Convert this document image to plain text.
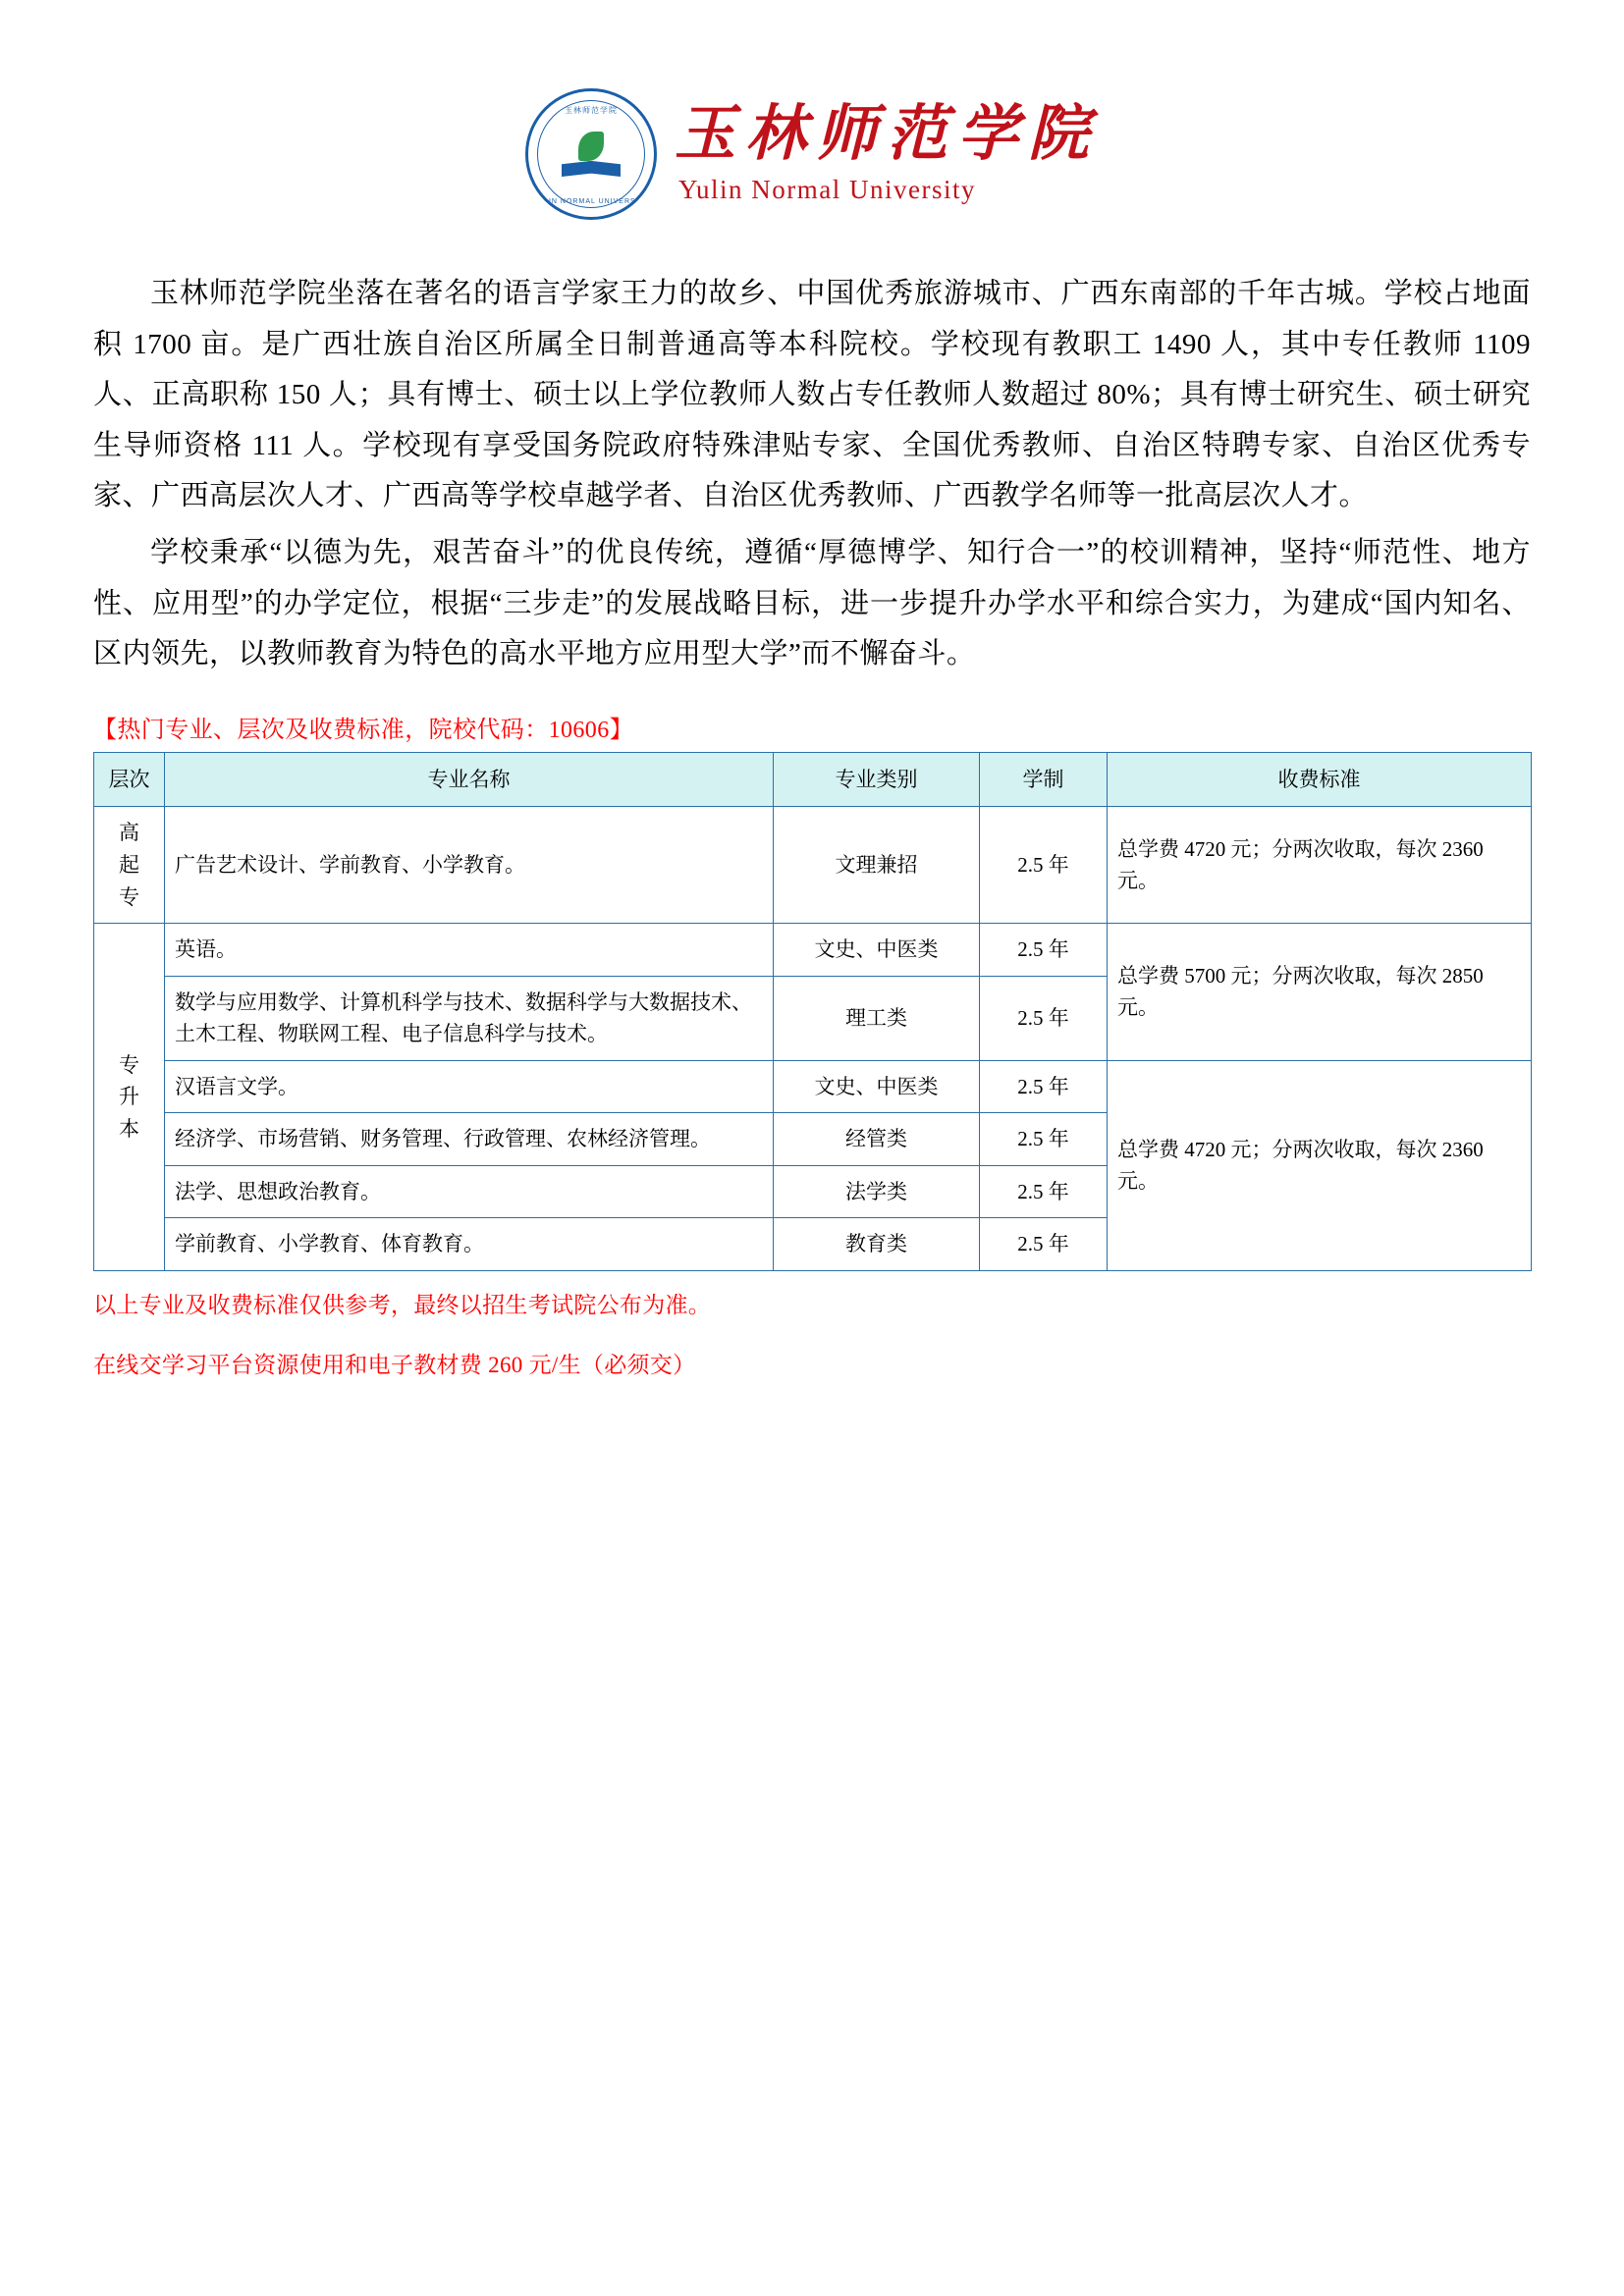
玉林师范学院
YULIN NORMAL UNIVERSITY
玉林师范学院
Yulin Normal University

玉林师范学院坐落在著名的语言学家王力的故乡、中国优秀旅游城市、广西东南部的千年古城。学校占地面积 1700 亩。是广西壮族自治区所属全日制普通高等本科院校。学校现有教职工 1490 人，其中专任教师 1109 人、正高职称 150 人；具有博士、硕士以上学位教师人数占专任教师人数超过 80%；具有博士研究生、硕士研究生导师资格 111 人。学校现有享受国务院政府特殊津贴专家、全国优秀教师、自治区特聘专家、自治区优秀专家、广西高层次人才、广西高等学校卓越学者、自治区优秀教师、广西教学名师等一批高层次人才。

学校秉承“以德为先，艰苦奋斗”的优良传统，遵循“厚德博学、知行合一”的校训精神，坚持“师范性、地方性、应用型”的办学定位，根据“三步走”的发展战略目标，进一步提升办学水平和综合实力，为建成“国内知名、区内领先，以教师教育为特色的高水平地方应用型大学”而不懈奋斗。

【热门专业、层次及收费标准，院校代码：10606】
层次	专业名称	专业类别	学制	收费标准

高
起
专	广告艺术设计、学前教育、小学教育。	文理兼招	2.5 年	总学费 4720 元；分两次收取，每次 2360 元。

专
升
本	英语。	文史、中医类	2.5 年	总学费 5700 元；分两次收取，每次 2850 元。
	数学与应用数学、计算机科学与技术、数据科学与大数据技术、土木工程、物联网工程、电子信息科学与技术。	理工类	2.5 年	
	汉语言文学。	文史、中医类	2.5 年	总学费 4720 元；分两次收取，每次 2360 元。
	经济学、市场营销、财务管理、行政管理、农林经济管理。	经管类	2.5 年	
	法学、思想政治教育。	法学类	2.5 年	
	学前教育、小学教育、体育教育。	教育类	2.5 年	
以上专业及收费标准仅供参考，最终以招生考试院公布为准。
在线交学习平台资源使用和电子教材费 260 元/生（必须交）
